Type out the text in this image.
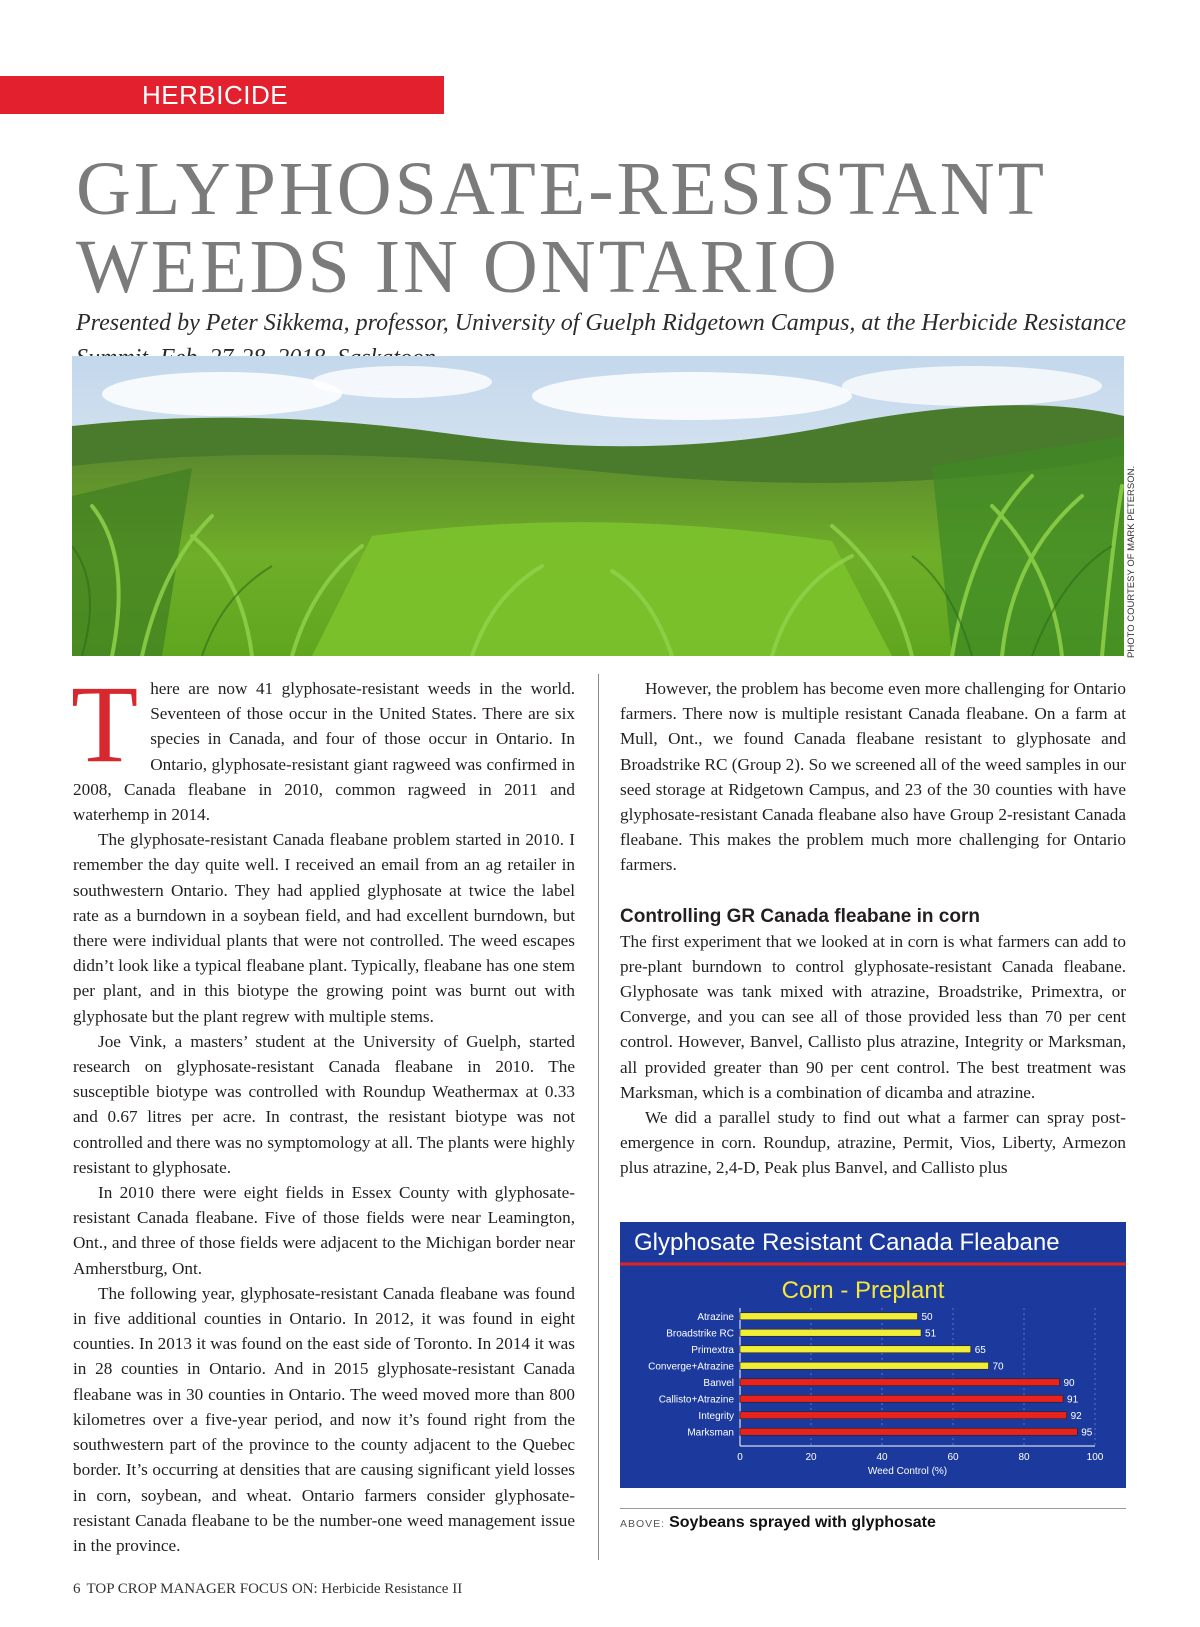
HERBICIDE RESISTANCE
GLYPHOSATE-RESISTANT
WEEDS IN ONTARIO

Presented by Peter Sikkema, professor, University of Guelph Ridgetown Campus, at the Herbicide Resistance

PHOTO COURTESY OF MARK PETERSON.

There are now 41 glyphosate-resistant weeds in the world. Seventeen of those occur in the United States. There are six species in Canada, and four of those occur in Ontario. In Ontario, glyphosate-resistant giant ragweed was confirmed in 2008, Canada fleabane in 2010, common ragweed in 2011 and waterhemp in 2014.

The glyphosate-resistant Canada fleabane problem started in 2010. I remember the day quite well. I received an email from an ag retailer in southwestern Ontario. They had applied glyphosate at twice the label rate as a burndown in a soybean field, and had excellent burndown, but there were individual plants that were not controlled. The weed escapes didn’t look like a typical fleabane plant. Typically, fleabane has one stem per plant, and in this biotype the growing point was burnt out with glyphosate but the plant regrew with multiple stems.

Joe Vink, a masters’ student at the University of Guelph, started research on glyphosate-resistant Canada fleabane in 2010. The susceptible biotype was controlled with Roundup Weathermax at 0.33 and 0.67 litres per acre. In contrast, the resistant biotype was not controlled and there was no symptomology at all. The plants were highly resistant to glyphosate.

In 2010 there were eight fields in Essex County with glyphosate-resistant Canada fleabane. Five of those fields were near Leamington, Ont., and three of those fields were adjacent to the Michigan border near Amherstburg, Ont.

The following year, glyphosate-resistant Canada fleabane was found in five additional counties in Ontario. In 2012, it was found in eight counties. In 2013 it was found on the east side of Toronto. In 2014 it was in 28 counties in Ontario. And in 2015 glyphosate-resistant Canada fleabane was in 30 counties in Ontario. The weed moved more than 800 kilometres over a five-year period, and now it’s found right from the southwestern part of the province to the county adjacent to the Quebec border. It’s occurring at densities that are causing significant yield losses in corn, soybean, and wheat. Ontario farmers consider glyphosate-resistant Canada fleabane to be the number-one weed management issue in the province.

However, the problem has become even more challenging for Ontario farmers. There now is multiple resistant Canada fleabane. On a farm at Mull, Ont., we found Canada fleabane resistant to glyphosate and Broadstrike RC (Group 2). So we screened all of the weed samples in our seed storage at Ridgetown Campus, and 23 of the 30 counties with have glyphosate-resistant Canada fleabane also have Group 2-resistant Canada fleabane. This makes the problem much more challenging for Ontario farmers.

Controlling GR Canada fleabane in corn

The first experiment that we looked at in corn is what farmers can add to pre-plant burndown to control glyphosate-resistant Canada fleabane. Glyphosate was tank mixed with atrazine, Broadstrike, Primextra, or Converge, and you can see all of those provided less than 70 per cent control. However, Banvel, Callisto plus atrazine, Integrity or Marksman, all provided greater than 90 per cent control. The best treatment was Marksman, which is a combination of dicamba and atrazine.

We did a parallel study to find out what a farmer can spray post-emergence in corn. Roundup, atrazine, Permit, Vios, Liberty, Armezon plus atrazine, 2,4-D, Peak plus Banvel, and Callisto plus

Glyphosate Resistant Canada Fleabane
Corn - Preplant
0	20	40	60	80	100
Atrazine	50
Broadstrike RC	51
Primextra	65
Converge+Atrazine	70
Banvel	90
Callisto+Atrazine	91
Integrity	92
Marksman	95
Weed Control (%)
ABOVE: Soybeans sprayed with glyphosate
6 TOP CROP MANAGER FOCUS ON: Herbicide Resistance II
